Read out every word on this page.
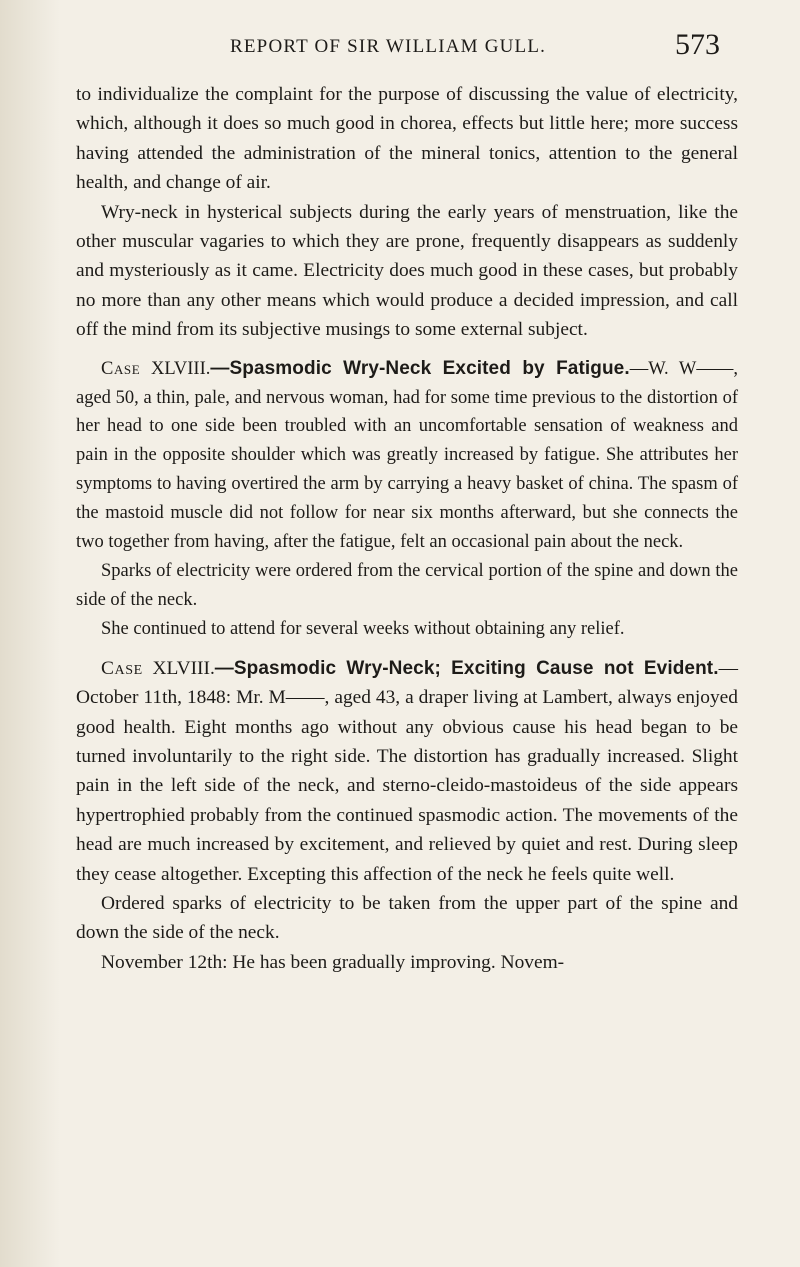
REPORT OF SIR WILLIAM GULL.	573

to individualize the complaint for the purpose of discussing the value of electricity, which, although it does so much good in chorea, effects but little here; more success having attended the administration of the mineral tonics, attention to the general health, and change of air.

Wry-neck in hysterical subjects during the early years of menstruation, like the other muscular vagaries to which they are prone, frequently disappears as suddenly and mysteriously as it came. Electricity does much good in these cases, but probably no more than any other means which would produce a decided impression, and call off the mind from its subjective musings to some external subject.

Case XLVIII.—Spasmodic Wry-Neck Excited by Fatigue.—W. W——, aged 50, a thin, pale, and nervous woman, had for some time previous to the distortion of her head to one side been troubled with an uncomfortable sensation of weakness and pain in the opposite shoulder which was greatly increased by fatigue. She attributes her symptoms to having overtired the arm by carrying a heavy basket of china. The spasm of the mastoid muscle did not follow for near six months afterward, but she connects the two together from having, after the fatigue, felt an occasional pain about the neck.

Sparks of electricity were ordered from the cervical portion of the spine and down the side of the neck.

She continued to attend for several weeks without obtaining any relief.

Case XLVIII.—Spasmodic Wry-Neck; Exciting Cause not Evident.—October 11th, 1848: Mr. M——, aged 43, a draper living at Lambert, always enjoyed good health. Eight months ago without any obvious cause his head began to be turned involuntarily to the right side. The distortion has gradually increased. Slight pain in the left side of the neck, and sterno-cleido-mastoideus of the side appears hypertrophied probably from the continued spasmodic action. The movements of the head are much increased by excitement, and relieved by quiet and rest. During sleep they cease altogether. Excepting this affection of the neck he feels quite well.

Ordered sparks of electricity to be taken from the upper part of the spine and down the side of the neck.

November 12th: He has been gradually improving. Novem-
